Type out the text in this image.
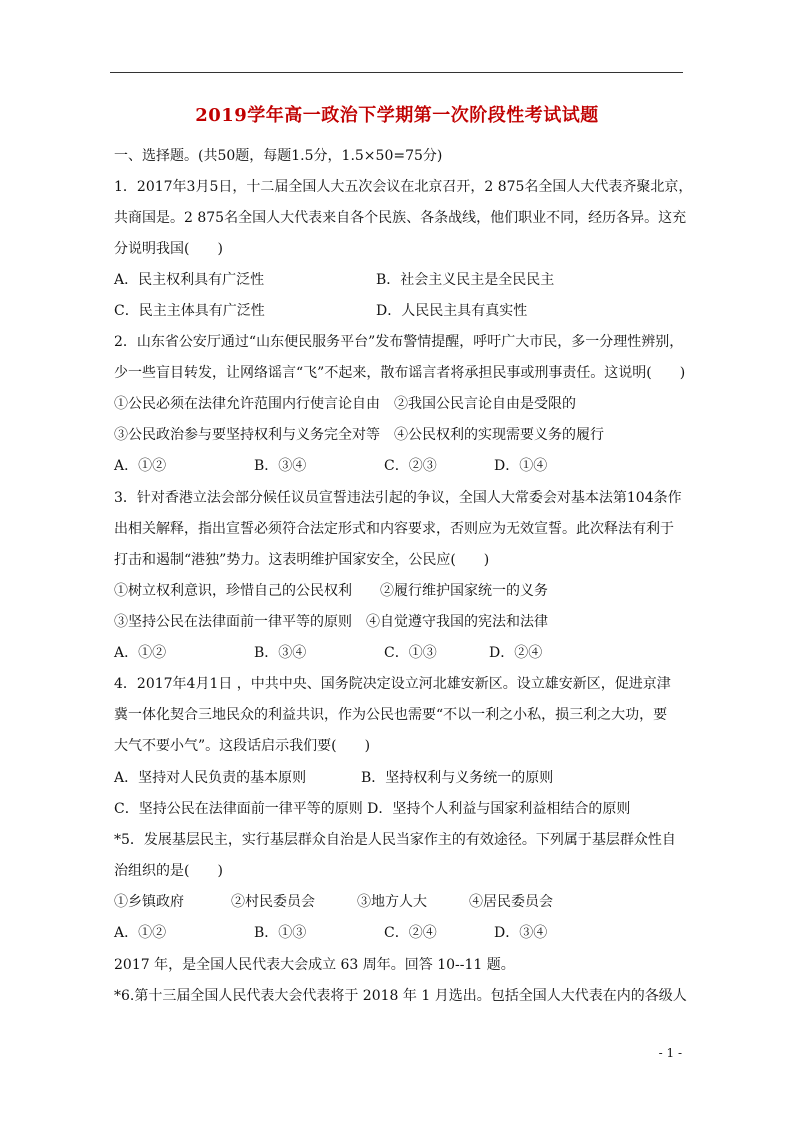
2019学年高一政治下学期第一次阶段性考试试题
一、选择题。(共50题，每题1.5分，1.5×50=75分)
1．2017年3月5日，十二届全国人大五次会议在北京召开，2 875名全国人大代表齐聚北京，
共商国是。2 875名全国人大代表来自各个民族、各条战线，他们职业不同，经历各异。这充
分说明我国(　　)
A．民主权利具有广泛性	B．社会主义民主是全民民主
C．民主主体具有广泛性	D．人民民主具有真实性
2．山东省公安厅通过“山东便民服务平台”发布警情提醒，呼吁广大市民，多一分理性辨别，
少一些盲目转发，让网络谣言“飞”不起来，散布谣言者将承担民事或刑事责任。这说明(　　)
①公民必须在法律允许范围内行使言论自由　②我国公民言论自由是受限的
③公民政治参与要坚持权利与义务完全对等　④公民权利的实现需要义务的履行
A．①②	B．③④	C．②③	D．①④
3．针对香港立法会部分候任议员宣誓违法引起的争议，全国人大常委会对基本法第104条作
出相关解释，指出宣誓必须符合法定形式和内容要求，否则应为无效宣誓。此次释法有利于
打击和遏制“港独”势力。这表明维护国家安全，公民应(　　)
①树立权利意识，珍惜自己的公民权利　　②履行维护国家统一的义务
③坚持公民在法律面前一律平等的原则　④自觉遵守我国的宪法和法律
A．①②	B．③④	C．①③	D．②④
4．2017年4月1日 ，中共中央、国务院决定设立河北雄安新区。设立雄安新区，促进京津
冀一体化契合三地民众的利益共识，作为公民也需要“不以一利之小私，损三利之大功，要
大气不要小气”。这段话启示我们要(　　)
A．坚持对人民负责的基本原则	B．坚持权利与义务统一的原则
C．坚持公民在法律面前一律平等的原则 D．坚持个人利益与国家利益相结合的原则
*5．发展基层民主，实行基层群众自治是人民当家作主的有效途径。下列属于基层群众性自
治组织的是(　　)
①乡镇政府	②村民委员会	③地方人大	④居民委员会
A．①②	B．①③	C．②④	D．③④
2017 年，是全国人民代表大会成立 63 周年。回答 10--11 题。
*6.第十三届全国人民代表大会代表将于 2018 年 1 月选出。包括全国人大代表在内的各级人
- 1 -
